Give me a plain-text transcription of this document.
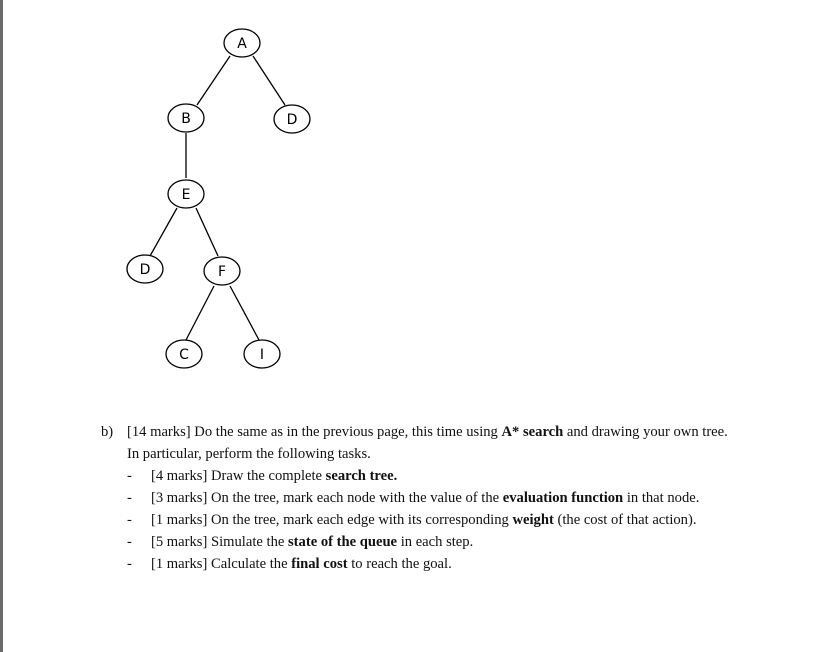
A
B	D
E
D	F
C	I
b) [14 marks] Do the same as in the previous page, this time using A* search and drawing your own tree. In particular, perform the following tasks.
- [4 marks] Draw the complete search tree.
- [3 marks] On the tree, mark each node with the value of the evaluation function in that node.
- [1 marks] On the tree, mark each edge with its corresponding weight (the cost of that action).
- [5 marks] Simulate the state of the queue in each step.
- [1 marks] Calculate the final cost to reach the goal.
